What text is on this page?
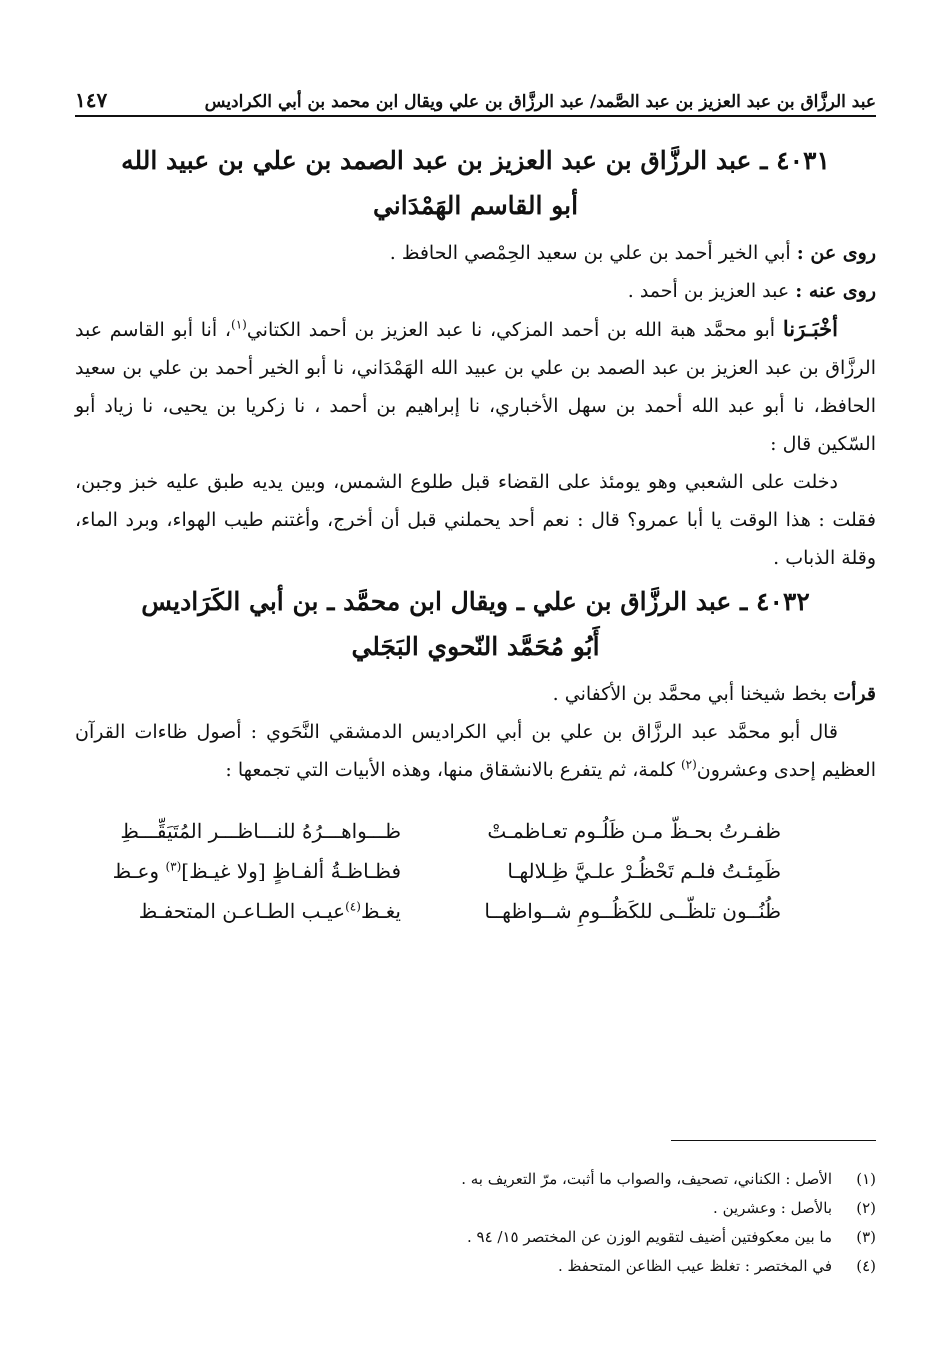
عبد الرزَّاق بن عبد العزيز بن عبد الصَّمد/ عبد الرزَّاق بن علي ويقال ابن محمد بن أبي الكراديس
١٤٧
٤٠٣١ ـ عبد الرزَّاق بن عبد العزيز بن عبد الصمد بن علي بن عبيد الله
أبو القاسم الهَمْدَاني

روى عن : أبي الخير أحمد بن علي بن سعيد الحِمْصي الحافظ .

روى عنه : عبد العزيز بن أحمد .

أخْبَـرَنا أبو محمَّد هبة الله بن أحمد المزكي، نا عبد العزيز بن أحمد الكتاني$^{(١)}$، أنا أبو القاسم عبد الرزَّاق بن عبد العزيز بن عبد الصمد بن علي بن عبيد الله الهَمْدَاني، نا أبو الخير أحمد بن علي بن سعيد الحافظ، نا أبو عبد الله أحمد بن سهل الأخباري، نا إبراهيم بن أحمد ، نا زكريا بن يحيى، نا زياد أبو السّكين قال :

دخلت على الشعبي وهو يومئذ على القضاء قبل طلوع الشمس، وبين يديه طبق عليه خبز وجبن، فقلت : هذا الوقت يا أبا عمرو؟ قال : نعم أحد يحملني قبل أن أخرج، وأغتنم طيب الهواء، وبرد الماء، وقلة الذباب .

٤٠٣٢ ـ عبد الرزَّاق بن علي ـ ويقال ابن محمَّد ـ بن أبي الكَرَاديس
أَبُو مُحَمَّد النّحوي البَجَلي

قرأت بخط شيخنا أبي محمَّد بن الأكفاني .

قال أبو محمَّد عبد الرزَّاق بن علي بن أبي الكراديس الدمشقي النَّحَوي : أصول ظاءات القرآن العظيم إحدى وعشرون$^{(٢)}$ كلمة، ثم يتفرع بالانشقاق منها، وهذه الأبيات التي تجمعها :

ظفـرتُ بحـظّ مـن ظَلُـوم تعـاظمـتْ
ظـــواهـــرُهُ للنـــاظـــر المُتَيَقِّـــظِ
ظَمِئـتُ فلـم تَحْظُـرْ علـيَّ ظِـلالهـا
فظـاظـةُ ألفـاظٍ [ولا غيـظ]$^{(٣)}$ وعـظ
ظُنُــون تلظّــى للكَظُــومِ شــواظهــا
يغـظ$^{(٤)}$عيـب الطـاعـن المتحفـظ
(١)
الأصل : الكناني، تصحيف، والصواب ما أثبت، مرّ التعريف به .
(٢)
بالأصل : وعشرين .
(٣)
ما بين معكوفتين أضيف لتقويم الوزن عن المختصر ١٥/ ٩٤ .
(٤)
في المختصر : تغلظ عيب الظاعن المتحفظ .
